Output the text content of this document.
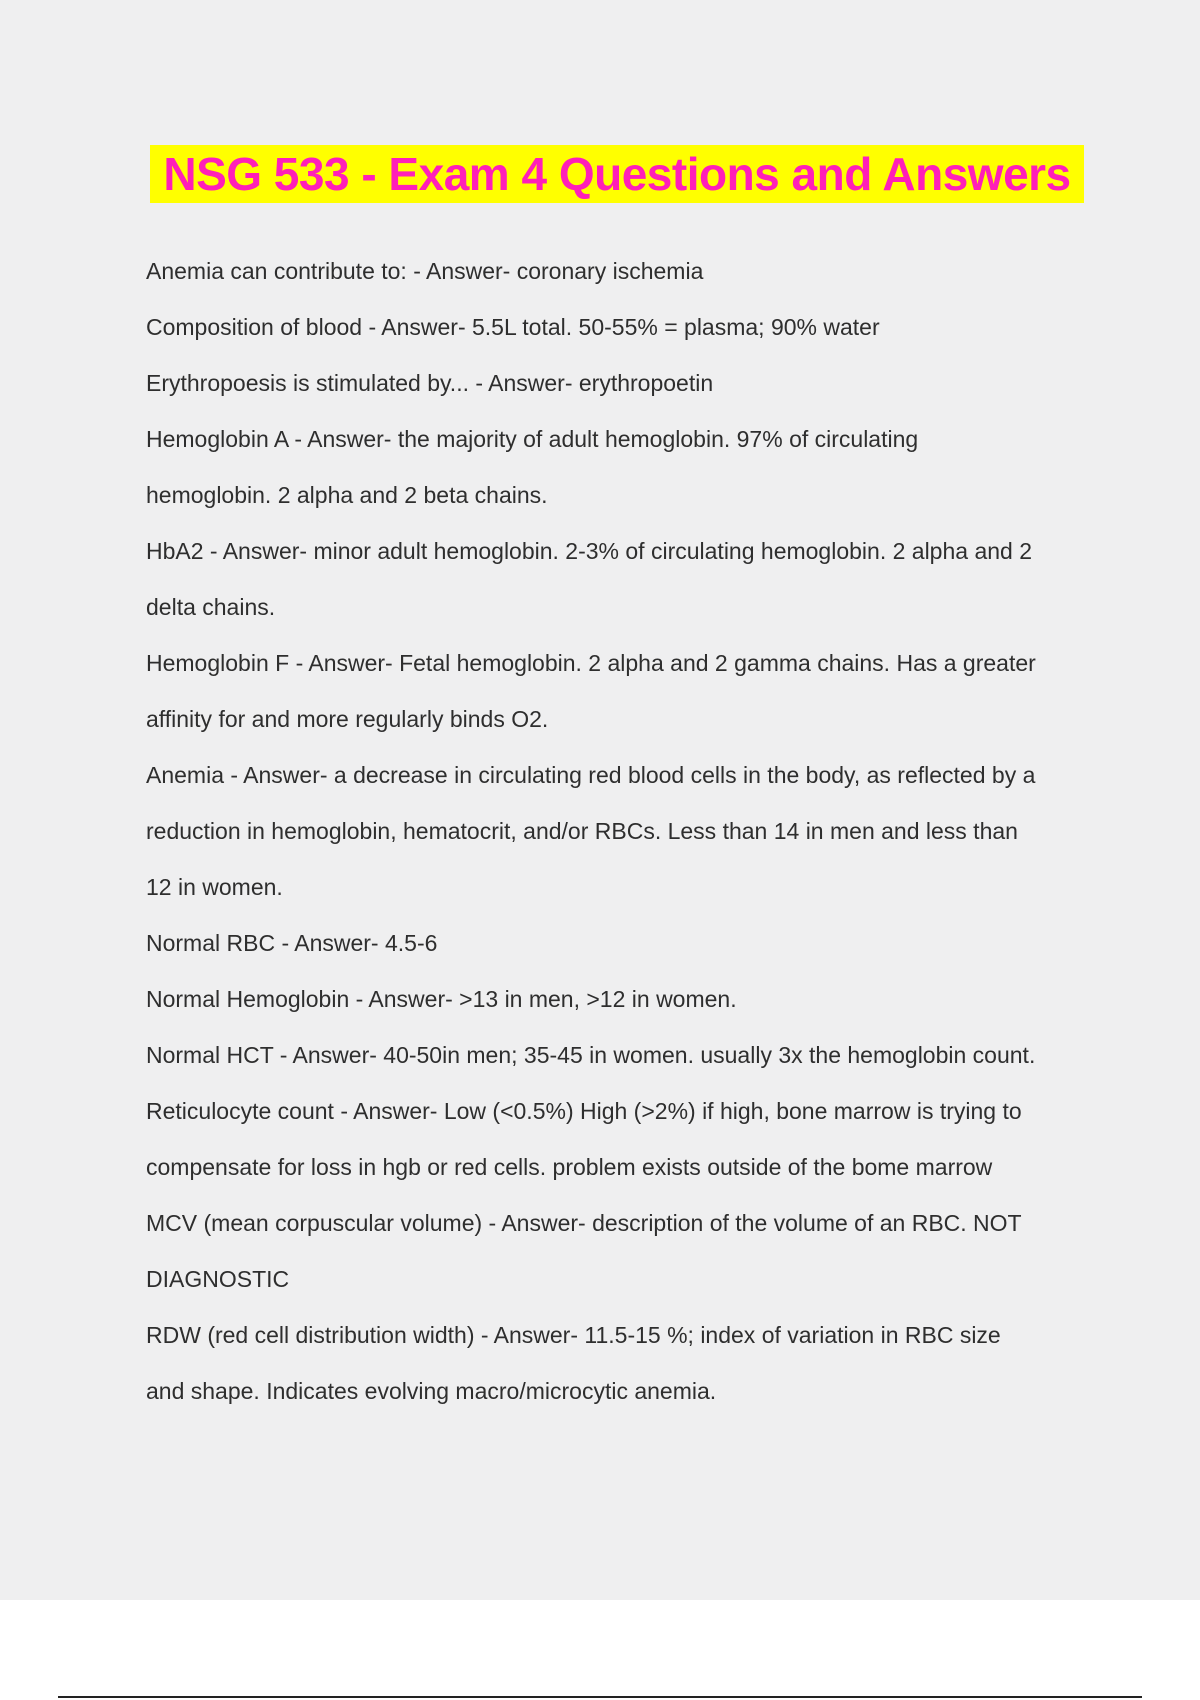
NSG 533 - Exam 4 Questions and Answers
Anemia can contribute to: - Answer- coronary ischemia
Composition of blood - Answer- 5.5L total. 50-55% = plasma; 90% water
Erythropoesis is stimulated by... - Answer- erythropoetin
Hemoglobin A - Answer- the majority of adult hemoglobin. 97% of circulating
hemoglobin. 2 alpha and 2 beta chains.
HbA2 - Answer- minor adult hemoglobin. 2-3% of circulating hemoglobin. 2 alpha and 2
delta chains.
Hemoglobin F - Answer- Fetal hemoglobin. 2 alpha and 2 gamma chains. Has a greater
affinity for and more regularly binds O2.
Anemia - Answer- a decrease in circulating red blood cells in the body, as reflected by a
reduction in hemoglobin, hematocrit, and/or RBCs. Less than 14 in men and less than
12 in women.
Normal RBC - Answer- 4.5-6
Normal Hemoglobin - Answer- >13 in men, >12 in women.
Normal HCT - Answer- 40-50in men; 35-45 in women. usually 3x the hemoglobin count.
Reticulocyte count - Answer- Low (<0.5%) High (>2%) if high, bone marrow is trying to
compensate for loss in hgb or red cells. problem exists outside of the bome marrow
MCV (mean corpuscular volume) - Answer- description of the volume of an RBC. NOT
DIAGNOSTIC
RDW (red cell distribution width) - Answer- 11.5-15 %; index of variation in RBC size
and shape. Indicates evolving macro/microcytic anemia.
